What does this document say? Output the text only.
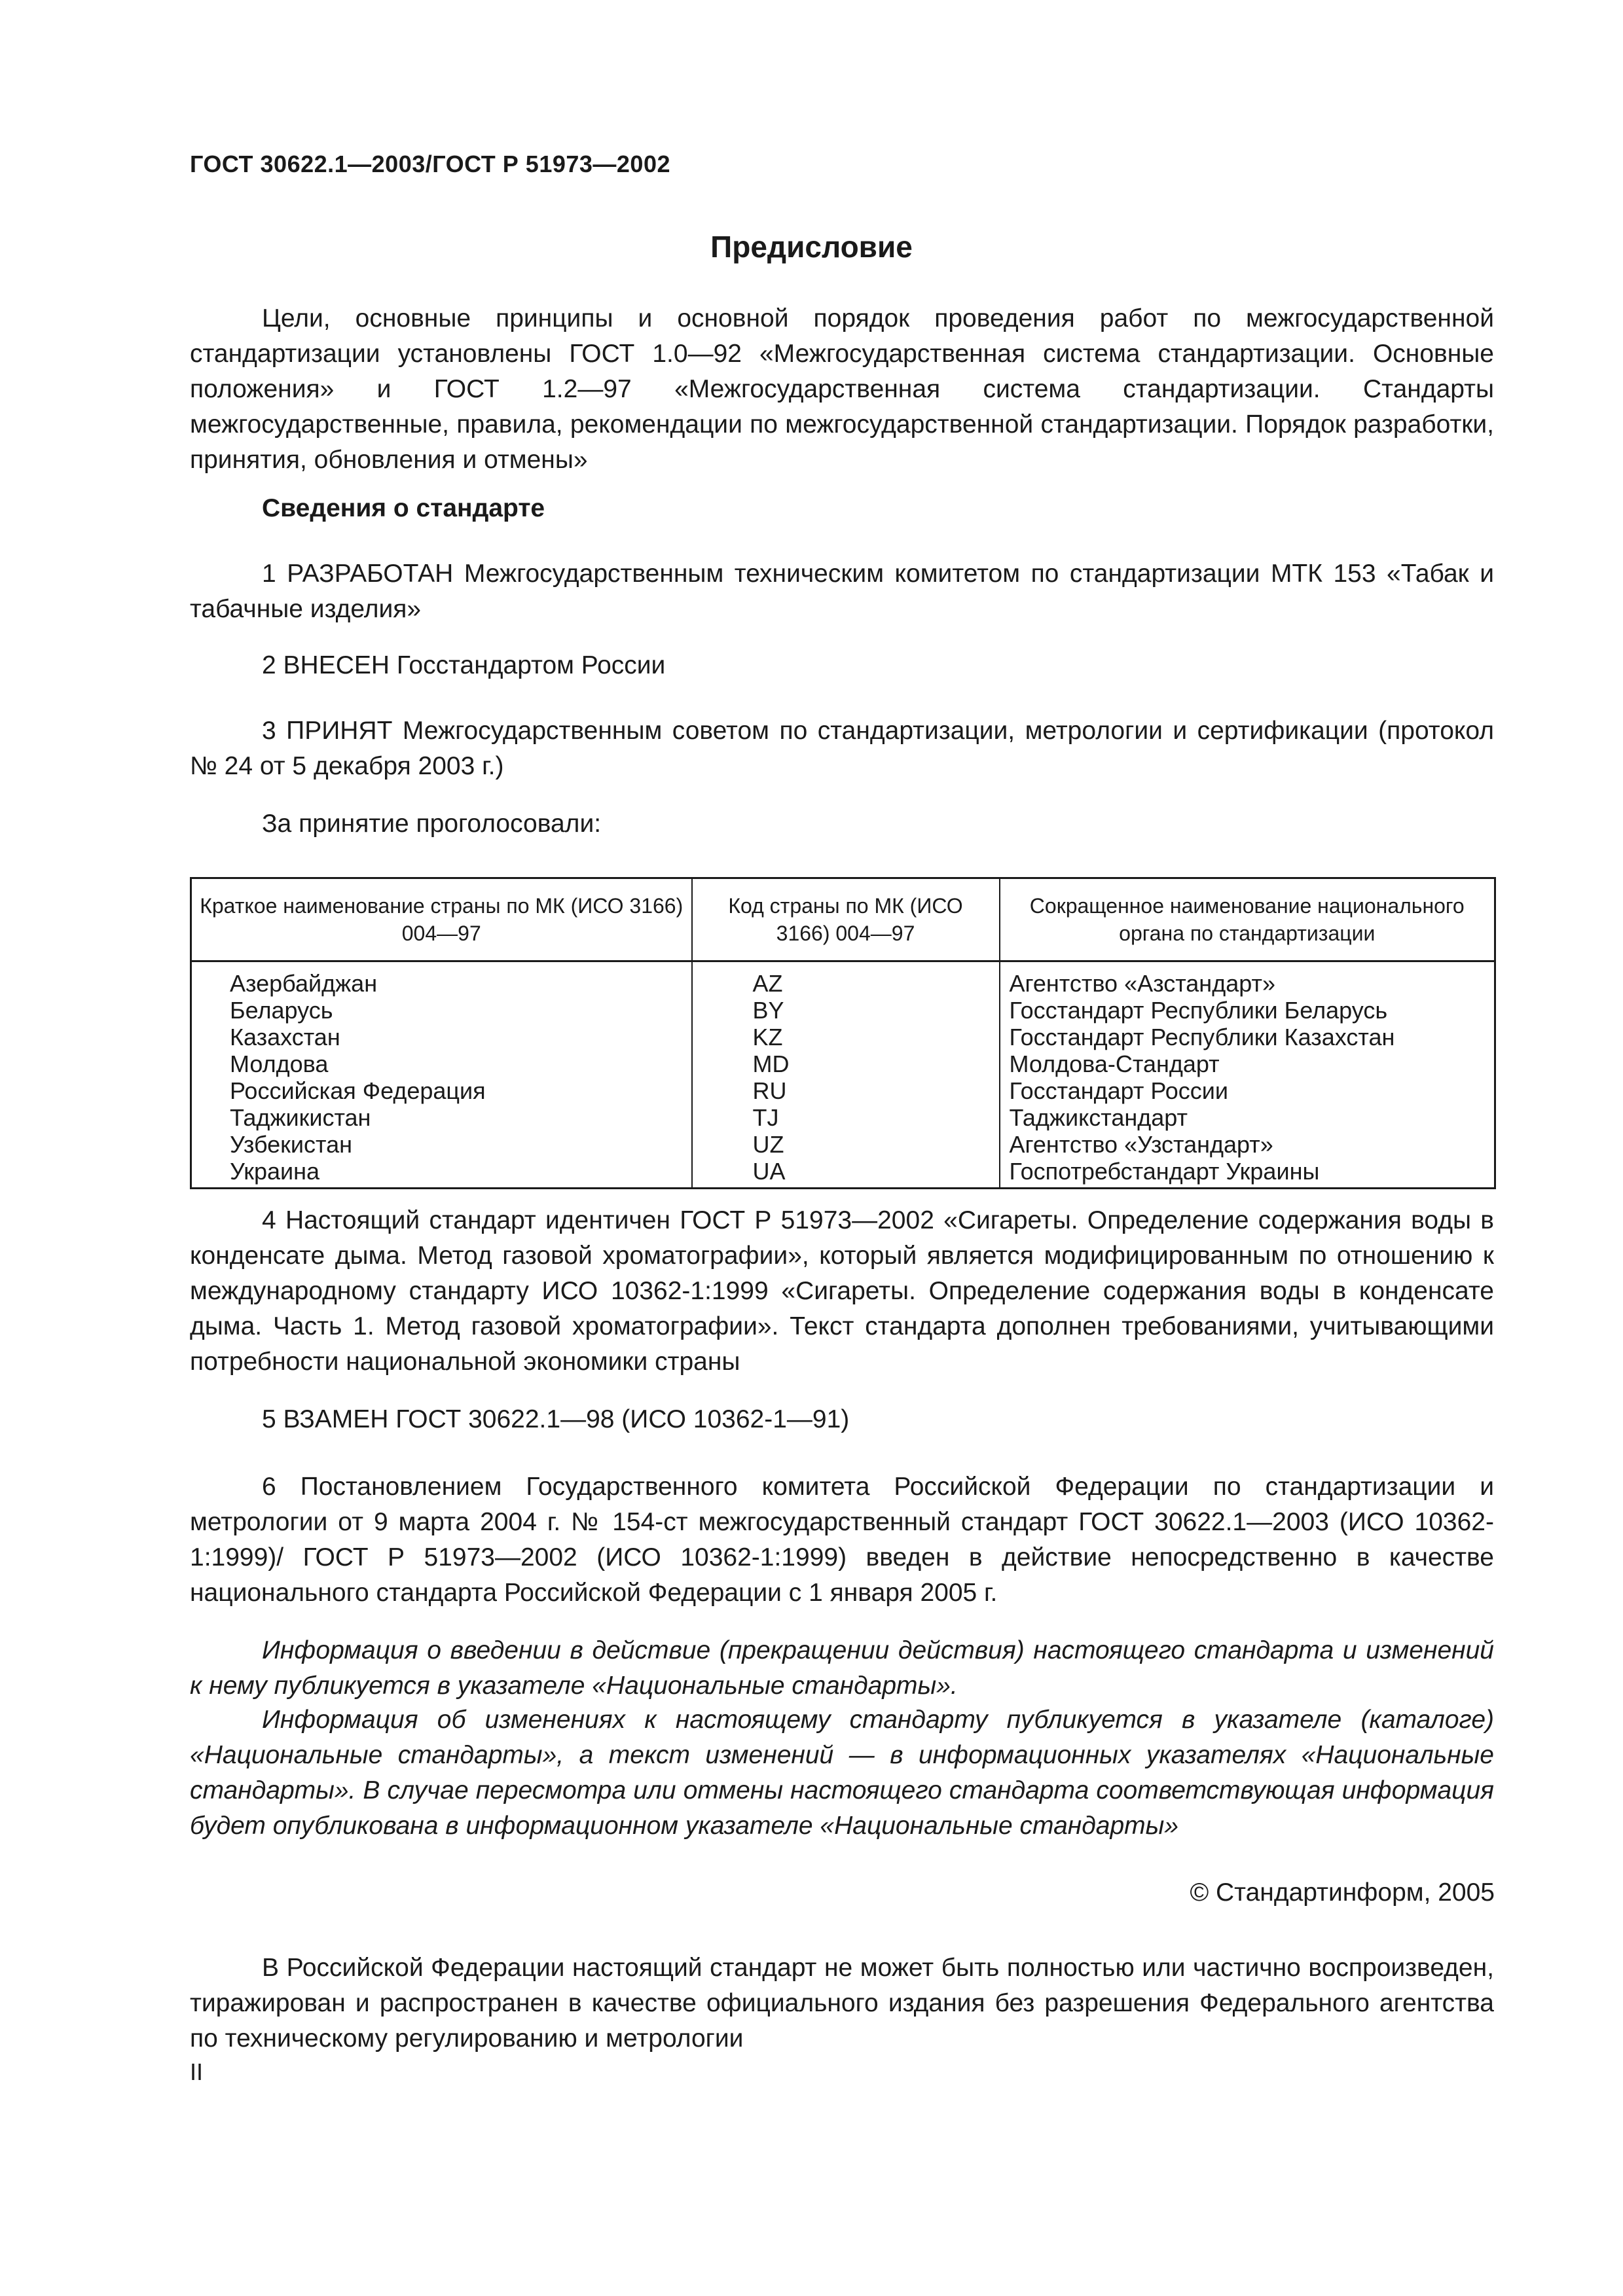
ГОСТ 30622.1—2003/ГОСТ Р 51973—2002
Предисловие

Цели, основные принципы и основной порядок проведения работ по межгосударственной стандартизации установлены ГОСТ 1.0—92 «Межгосударственная система стандартизации. Основные положения» и ГОСТ 1.2—97 «Межгосударственная система стандартизации. Стандарты межгосударственные, правила, рекомендации по межгосударственной стандартизации. Порядок разработки, принятия, обновления и отмены»

Сведения о стандарте

1 РАЗРАБОТАН Межгосударственным техническим комитетом по стандартизации МТК 153 «Табак и табачные изделия»

2 ВНЕСЕН Госстандартом России

3 ПРИНЯТ Межгосударственным советом по стандартизации, метрологии и сертификации (протокол № 24 от 5 декабря 2003 г.)

За принятие проголосовали:
Краткое наименование страны по МК (ИСО 3166) 004—97	Код страны по МК (ИСО 3166) 004—97	Сокращенное наименование национального органа по стандартизации
Азербайджан	AZ	Агентство «Азстандарт»
Беларусь	BY	Госстандарт Республики Беларусь
Казахстан	KZ	Госстандарт Республики Казахстан
Молдова	MD	Молдова-Стандарт
Российская Федерация	RU	Госстандарт России
Таджикистан	TJ	Таджикстандарт
Узбекистан	UZ	Агентство «Узстандарт»
Украина	UA	Госпотребстандарт Украины

4 Настоящий стандарт идентичен ГОСТ Р 51973—2002 «Сигареты. Определение содержания воды в конденсате дыма. Метод газовой хроматографии», который является модифицированным по отношению к международному стандарту ИСО 10362-1:1999 «Сигареты. Определение содержания воды в конденсате дыма. Часть 1. Метод газовой хроматографии». Текст стандарта дополнен требованиями, учитывающими потребности национальной экономики страны

5 ВЗАМЕН ГОСТ 30622.1—98 (ИСО 10362-1—91)

6 Постановлением Государственного комитета Российской Федерации по стандартизации и метрологии от 9 марта 2004 г. № 154-ст межгосударственный стандарт ГОСТ 30622.1—2003 (ИСО 10362-1:1999)/ ГОСТ Р 51973—2002 (ИСО 10362-1:1999) введен в действие непосредственно в качестве национального стандарта Российской Федерации с 1 января 2005 г.

Информация о введении в действие (прекращении действия) настоящего стандарта и изменений к нему публикуется в указателе «Национальные стандарты».

Информация об изменениях к настоящему стандарту публикуется в указателе (каталоге) «Национальные стандарты», а текст изменений — в информационных указателях «Национальные стандарты». В случае пересмотра или отмены настоящего стандарта соответствующая информация будет опубликована в информационном указателе «Национальные стандарты»

© Стандартинформ, 2005

В Российской Федерации настоящий стандарт не может быть полностью или частично воспроизведен, тиражирован и распространен в качестве официального издания без разрешения Федерального агентства по техническому регулированию и метрологии

II
